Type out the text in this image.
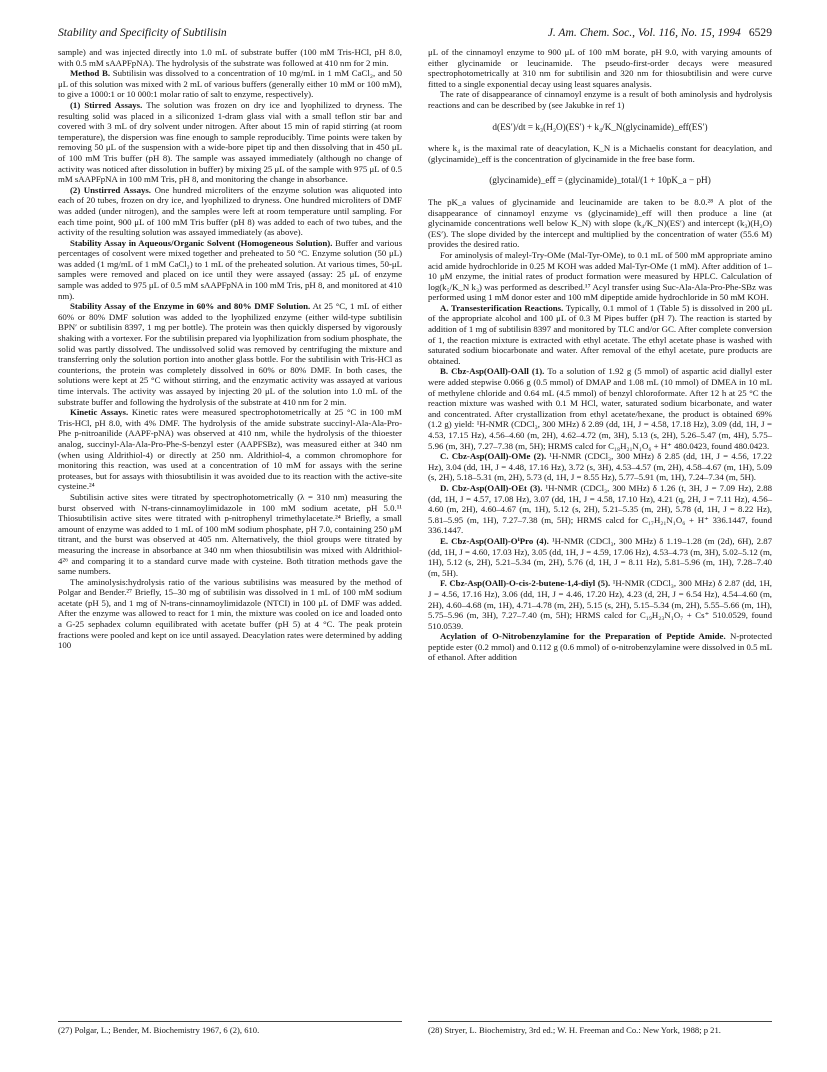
Stability and Specificity of Subtilisin	J. Am. Chem. Soc., Vol. 116, No. 15, 1994 6529

sample) and was injected directly into 1.0 mL of substrate buffer (100 mM Tris-HCl, pH 8.0, with 0.5 mM sAAPFpNA). The hydrolysis of the substrate was followed at 410 nm for 2 min.

Method B. Subtilisin was dissolved to a concentration of 10 mg/mL in 1 mM CaCl₂, and 50 μL of this solution was mixed with 2 mL of various buffers (generally either 10 mM or 100 mM), to give a 1000:1 or 10 000:1 molar ratio of salt to enzyme, respectively).

(1) Stirred Assays. The solution was frozen on dry ice and lyophilized to dryness. The resulting solid was placed in a siliconized 1-dram glass vial with a small teflon stir bar and covered with 3 mL of dry solvent under nitrogen. After about 15 min of rapid stirring (at room temperature), the dispersion was fine enough to sample reproducibly. Time points were taken by removing 50 μL of the suspension with a wide-bore pipet tip and then dissolving that in 450 μL of 100 mM Tris buffer (pH 8). The sample was assayed immediately (although no change of activity was noticed after dissolution in buffer) by mixing 25 μL of the sample with 975 μL of 0.5 mM sAAPFpNA in 100 mM Tris, pH 8, and monitoring the change in absorbance.

(2) Unstirred Assays. One hundred microliters of the enzyme solution was aliquoted into each of 20 tubes, frozen on dry ice, and lyophilized to dryness. One hundred microliters of DMF was added (under nitrogen), and the samples were left at room temperature until sampling. For each time point, 900 μL of 100 mM Tris buffer (pH 8) was added to each of two tubes, and the activity of the resulting solution was assayed immediately (as above).

Stability Assay in Aqueous/Organic Solvent (Homogeneous Solution). Buffer and various percentages of cosolvent were mixed together and preheated to 50 °C. Enzyme solution (50 μL) was added (1 mg/mL of 1 mM CaCl₂) to 1 mL of the preheated solution. At various times, 50-μL samples were removed and placed on ice until they were assayed (assay: 25 μL of enzyme sample was added to 975 μL of 0.5 mM sAAPFpNA in 100 mM Tris, pH 8, and monitored at 410 nm).

Stability Assay of the Enzyme in 60% and 80% DMF Solution. At 25 °C, 1 mL of either 60% or 80% DMF solution was added to the lyophilized enzyme (either wild-type subtilisin BPN′ or subtilisin 8397, 1 mg per bottle). The protein was then quickly dispersed by vigorously shaking with a vortexer. For the subtilisin prepared via lyophilization from sodium phosphate, the solid was partly dissolved. The undissolved solid was removed by centrifuging the mixture and transferring only the solution portion into another glass bottle. For the subtilisin with Tris-HCl as counterions, the protein was completely dissolved in 60% or 80% DMF. In both cases, the solutions were kept at 25 °C without stirring, and the enzymatic activity was assayed at various time intervals. The activity was assayed by injecting 20 μL of the solution into 1.0 mL of the substrate buffer and following the hydrolysis of the substrate at 410 nm for 2 min.

Kinetic Assays. Kinetic rates were measured spectrophotometrically at 25 °C in 100 mM Tris-HCl, pH 8.0, with 4% DMF. The hydrolysis of the amide substrate succinyl-Ala-Ala-Pro-Phe p-nitroanilide (AAPF-pNA) was observed at 410 nm, while the hydrolysis of the thioester analog, succinyl-Ala-Ala-Pro-Phe-S-benzyl ester (AAPFSBz), was measured either at 340 nm (when using Aldrithiol-4) or directly at 250 nm. Aldrithiol-4, a common chromophore for monitoring this reaction, was used at a concentration of 10 mM for assays with the serine proteases, but for assays with thiosubtilisin it was avoided due to its reaction with the active-site cysteine.²⁴

Subtilisin active sites were titrated by spectrophotometrically (λ = 310 nm) measuring the burst observed with N-trans-cinnamoylimidazole in 100 mM sodium acetate, pH 5.0.¹¹ Thiosubtilisin active sites were titrated with p-nitrophenyl trimethylacetate.²⁴ Briefly, a small amount of enzyme was added to 1 mL of 100 mM sodium phosphate, pH 7.0, containing 250 μM titrant, and the burst was observed at 405 nm. Alternatively, the thiol groups were titrated by measuring the increase in absorbance at 340 nm when thiosubtilisin was mixed with Aldrithiol-4²⁶ and comparing it to a standard curve made with cysteine. Both titration methods gave the same numbers.

The aminolysis:hydrolysis ratio of the various subtilisins was measured by the method of Polgar and Bender.²⁷ Briefly, 15–30 mg of subtilisin was dissolved in 1 mL of 100 mM sodium acetate (pH 5), and 1 mg of N-trans-cinnamoylimidazole (NTCI) in 100 μL of DMF was added. After the enzyme was allowed to react for 1 min, the mixture was cooled on ice and loaded onto a G-25 sephadex column equilibrated with acetate buffer (pH 5) at 4 °C. The peak protein fractions were pooled and kept on ice until assayed. Deacylation rates were determined by adding 100

μL of the cinnamoyl enzyme to 900 μL of 100 mM borate, pH 9.0, with varying amounts of either glycinamide or leucinamide. The pseudo-first-order decays were measured spectrophotometrically at 310 nm for subtilisin and 320 nm for thiosubtilisin and were curve fitted to a single exponential decay using least squares analysis.

The rate of disappearance of cinnamoyl enzyme is a result of both aminolysis and hydrolysis reactions and can be described by (see Jakubke in ref 1)

d(ES′)/dt = k₃(H₂O)(ES′) + k₄/K_N(glycinamide)_eff(ES′)

where k₄ is the maximal rate of deacylation, K_N is a Michaelis constant for deacylation, and (glycinamide)_eff is the concentration of glycinamide in the free base form.

(glycinamide)_eff = (glycinamide)_total/(1 + 10pK_a − pH)

The pK_a values of glycinamide and leucinamide are taken to be 8.0.²⁸ A plot of the disappearance of cinnamoyl enzyme vs (glycinamide)_eff will then produce a line (at glycinamide concentrations well below K_N) with slope (k₄/K_N)(ES′) and intercept (k₃)(H₂O)(ES′). The slope divided by the intercept and multiplied by the concentration of water (55.6 M) provides the desired ratio.

For aminolysis of maleyl-Try-OMe (Mal-Tyr-OMe), to 0.1 mL of 500 mM appropriate amino acid amide hydrochloride in 0.25 M KOH was added Mal-Tyr-OMe (1 mM). After addition of 1–10 μM enzyme, the initial rates of product formation were measured by HPLC. Calculation of log(k₅/K_N k₃) was performed as described.¹⁷ Acyl transfer using Suc-Ala-Ala-Pro-Phe-SBz was performed using 1 mM donor ester and 100 mM dipeptide amide hydrochloride in 50 mM KOH.

A. Transesterification Reactions. Typically, 0.1 mmol of 1 (Table 5) is dissolved in 200 μL of the appropriate alcohol and 100 μL of 0.3 M Pipes buffer (pH 7). The reaction is started by addition of 1 mg of subtilisin 8397 and monitored by TLC and/or GC. After complete conversion of 1, the reaction mixture is extracted with ethyl acetate. The ethyl acetate phase is washed with saturated sodium biocarbonate and water. After removal of the ethyl acetate, pure products are obtained.

B. Cbz-Asp(OAll)-OAll (1). To a solution of 1.92 g (5 mmol) of aspartic acid diallyl ester were added stepwise 0.066 g (0.5 mmol) of DMAP and 1.08 mL (10 mmol) of DMEA in 10 mL of methylene chloride and 0.64 mL (4.5 mmol) of benzyl chloroformate. After 12 h at 25 °C the reaction mixture was washed with 0.1 M HCl, water, saturated sodium bicarbonate, and water and concentrated. After crystallization from ethyl acetate/hexane, the product is obtained 69% (1.2 g) yield: ¹H-NMR (CDCl₃, 300 MHz) δ 2.89 (dd, 1H, J = 4.58, 17.18 Hz), 3.09 (dd, 1H, J = 4.53, 17.15 Hz), 4.56–4.60 (m, 2H), 4.62–4.72 (m, 3H), 5.13 (s, 2H), 5.26–5.47 (m, 4H), 5.75–5.96 (m, 3H), 7.27–7.38 (m, 5H); HRMS calcd for C₁₈H₂₁N₁O₆ + H⁺ 480.0423, found 480.0423.

C. Cbz-Asp(OAll)-OMe (2). ¹H-NMR (CDCl₃, 300 MHz) δ 2.85 (dd, 1H, J = 4.56, 17.22 Hz), 3.04 (dd, 1H, J = 4.48, 17.16 Hz), 3.72 (s, 3H), 4.53–4.57 (m, 2H), 4.58–4.67 (m, 1H), 5.09 (s, 2H), 5.18–5.31 (m, 2H), 5.73 (d, 1H, J = 8.55 Hz), 5.77–5.91 (m, 1H), 7.24–7.34 (m, 5H).

D. Cbz-Asp(OAll)-OEt (3). ¹H-NMR (CDCl₃, 300 MHz) δ 1.26 (t, 3H, J = 7.09 Hz), 2.88 (dd, 1H, J = 4.57, 17.08 Hz), 3.07 (dd, 1H, J = 4.58, 17.10 Hz), 4.21 (q, 2H, J = 7.11 Hz), 4.56–4.60 (m, 2H), 4.60–4.67 (m, 1H), 5.12 (s, 2H), 5.21–5.35 (m, 2H), 5.78 (d, 1H, J = 8.22 Hz), 5.81–5.95 (m, 1H), 7.27–7.38 (m, 5H); HRMS calcd for C₁₇H₂₁N₁O₆ + H⁺ 336.1447, found 336.1447.

E. Cbz-Asp(OAll)-OⁱPro (4). ¹H-NMR (CDCl₃, 300 MHz) δ 1.19–1.28 (m (2d), 6H), 2.87 (dd, 1H, J = 4.60, 17.03 Hz), 3.05 (dd, 1H, J = 4.59, 17.06 Hz), 4.53–4.73 (m, 3H), 5.02–5.12 (m, 1H), 5.12 (s, 2H), 5.21–5.34 (m, 2H), 5.76 (d, 1H, J = 8.11 Hz), 5.81–5.96 (m, 1H), 7.28–7.40 (m, 5H).

F. Cbz-Asp(OAll)-O-cis-2-butene-1,4-diyl (5). ¹H-NMR (CDCl₃, 300 MHz) δ 2.87 (dd, 1H, J = 4.56, 17.16 Hz), 3.06 (dd, 1H, J = 4.46, 17.20 Hz), 4.23 (d, 2H, J = 6.54 Hz), 4.54–4.60 (m, 2H), 4.60–4.68 (m, 1H), 4.71–4.78 (m, 2H), 5.15 (s, 2H), 5.15–5.34 (m, 2H), 5.55–5.66 (m, 1H), 5.75–5.96 (m, 3H), 7.27–7.40 (m, 5H); HRMS calcd for C₁₉H₂₃N₁O₇ + Cs⁺ 510.0529, found 510.0539.

Acylation of O-Nitrobenzylamine for the Preparation of Peptide Amide. N-protected peptide ester (0.2 mmol) and 0.112 g (0.6 mmol) of o-nitrobenzylamine were dissolved in 0.5 mL of ethanol. After addition

(27) Polgar, L.; Bender, M. Biochemistry 1967, 6 (2), 610.	(28) Stryer, L. Biochemistry, 3rd ed.; W. H. Freeman and Co.: New York, 1988; p 21.
